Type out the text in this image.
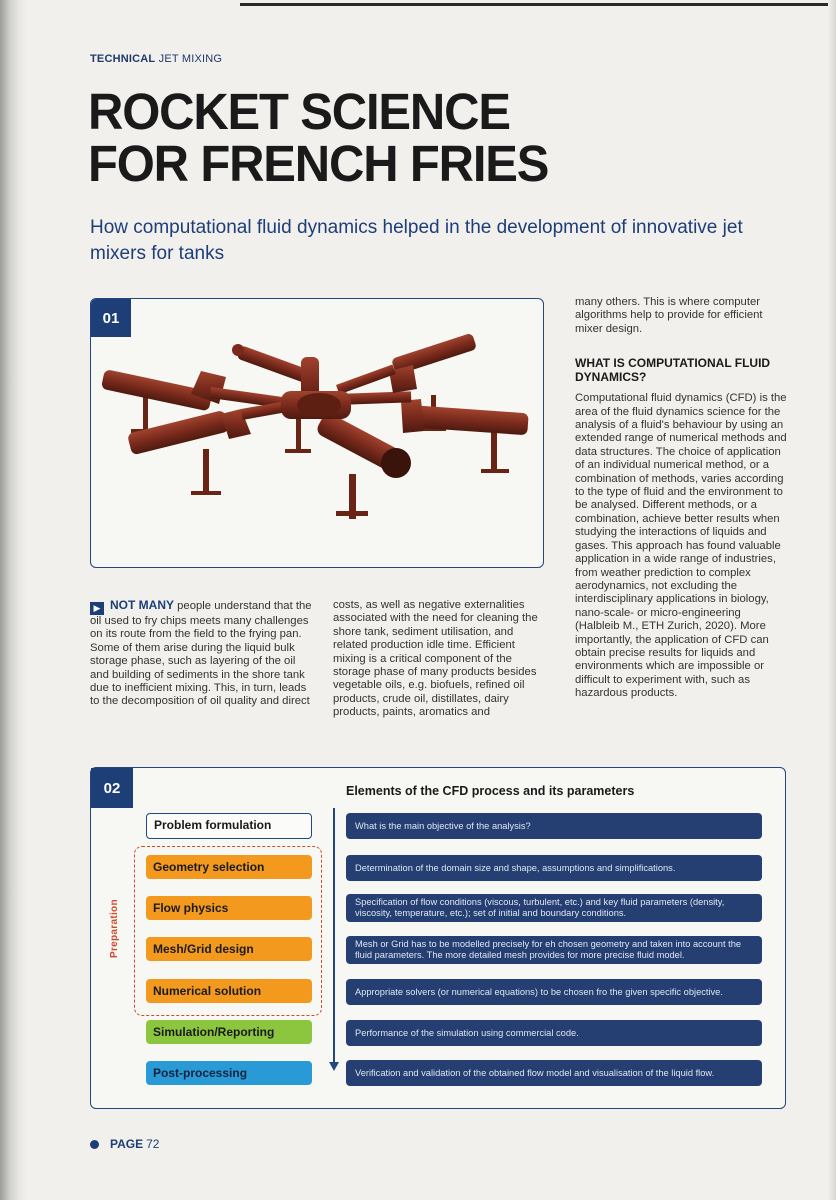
TECHNICAL JET MIXING
ROCKET SCIENCE
FOR FRENCH FRIES

How computational fluid dynamics helped in the development of innovative jet mixers for tanks

01

▶ NOT MANY people understand that the oil used to fry chips meets many challenges on its route from the field to the frying pan. Some of them arise during the liquid bulk storage phase, such as layering of the oil and building of sediments in the shore tank due to inefficient mixing. This, in turn, leads to the decomposition of oil quality and direct

costs, as well as negative externalities associated with the need for cleaning the shore tank, sediment utilisation, and related production idle time. Efficient mixing is a critical component of the storage phase of many products besides vegetable oils, e.g. biofuels, refined oil products, crude oil, distillates, dairy products, paints, aromatics and

many others. This is where computer algorithms help to provide for efficient mixer design.

WHAT IS COMPUTATIONAL FLUID DYNAMICS?

Computational fluid dynamics (CFD) is the area of the fluid dynamics science for the analysis of a fluid's behaviour by using an extended range of numerical methods and data structures. The choice of application of an individual numerical method, or a combination of methods, varies according to the type of fluid and the environment to be analysed. Different methods, or a combination, achieve better results when studying the interactions of liquids and gases. This approach has found valuable application in a wide range of industries, from weather prediction to complex aerodynamics, not excluding the interdisciplinary applications in biology, nano-scale- or micro-engineering (Halbleib M., ETH Zurich, 2020). More importantly, the application of CFD can obtain precise results for liquids and environments which are impossible or difficult to experiment with, such as hazardous products.

02	Elements of the CFD process and its parameters

Preparation
Problem formulation
Geometry selection
Flow physics
Mesh/Grid design
Numerical solution
Simulation/Reporting
Post-processing
What is the main objective of the analysis?
Determination of the domain size and shape, assumptions and simplifications.
Specification of flow conditions (viscous, turbulent, etc.) and key fluid parameters (density, viscosity, temperature, etc.); set of initial and boundary conditions.
Mesh or Grid has to be modelled precisely for eh chosen geometry and taken into account the fluid parameters. The more detailed mesh provides for more precise fluid model.
Appropriate solvers (or numerical equations) to be chosen fro the given specific objective.
Performance of the simulation using commercial code.
Verification and validation of the obtained flow model and visualisation of the liquid flow.
PAGE 72
